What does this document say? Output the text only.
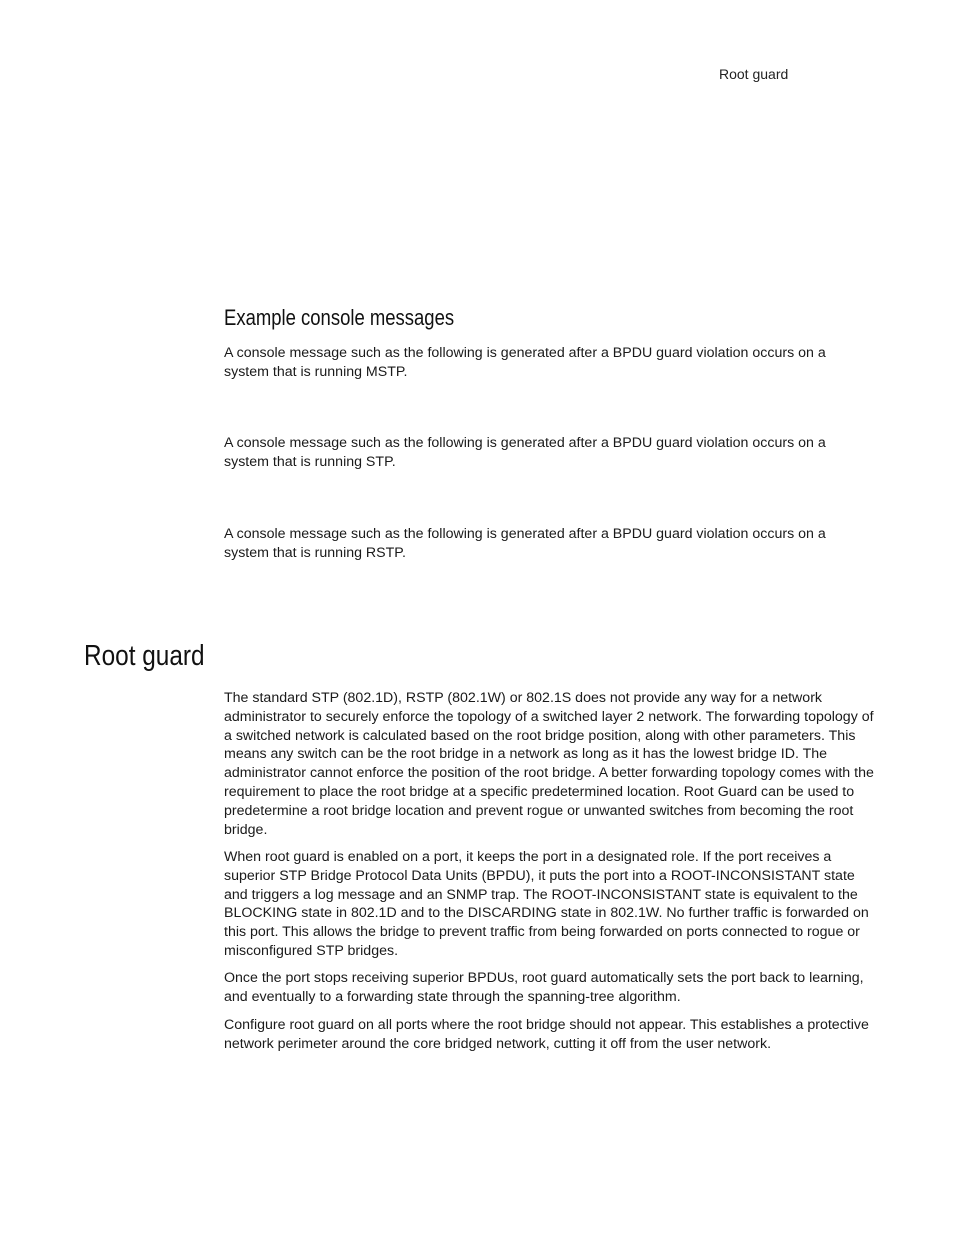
Root guard
Example console messages

A console message such as the following is generated after a BPDU guard violation occurs on a system that is running MSTP.

A console message such as the following is generated after a BPDU guard violation occurs on a system that is running STP.

A console message such as the following is generated after a BPDU guard violation occurs on a system that is running RSTP.

Root guard

The standard STP (802.1D), RSTP (802.1W) or 802.1S does not provide any way for a network administrator to securely enforce the topology of a switched layer 2 network. The forwarding topology of a switched network is calculated based on the root bridge position, along with other parameters. This means any switch can be the root bridge in a network as long as it has the lowest bridge ID. The administrator cannot enforce the position of the root bridge. A better forwarding topology comes with the requirement to place the root bridge at a specific predetermined location. Root Guard can be used to predetermine a root bridge location and prevent rogue or unwanted switches from becoming the root bridge.

When root guard is enabled on a port, it keeps the port in a designated role. If the port receives a superior STP Bridge Protocol Data Units (BPDU), it puts the port into a ROOT-INCONSISTANT state and triggers a log message and an SNMP trap. The ROOT-INCONSISTANT state is equivalent to the BLOCKING state in 802.1D and to the DISCARDING state in 802.1W. No further traffic is forwarded on this port. This allows the bridge to prevent traffic from being forwarded on ports connected to rogue or misconfigured STP bridges.

Once the port stops receiving superior BPDUs, root guard automatically sets the port back to learning, and eventually to a forwarding state through the spanning-tree algorithm.

Configure root guard on all ports where the root bridge should not appear. This establishes a protective network perimeter around the core bridged network, cutting it off from the user network.
